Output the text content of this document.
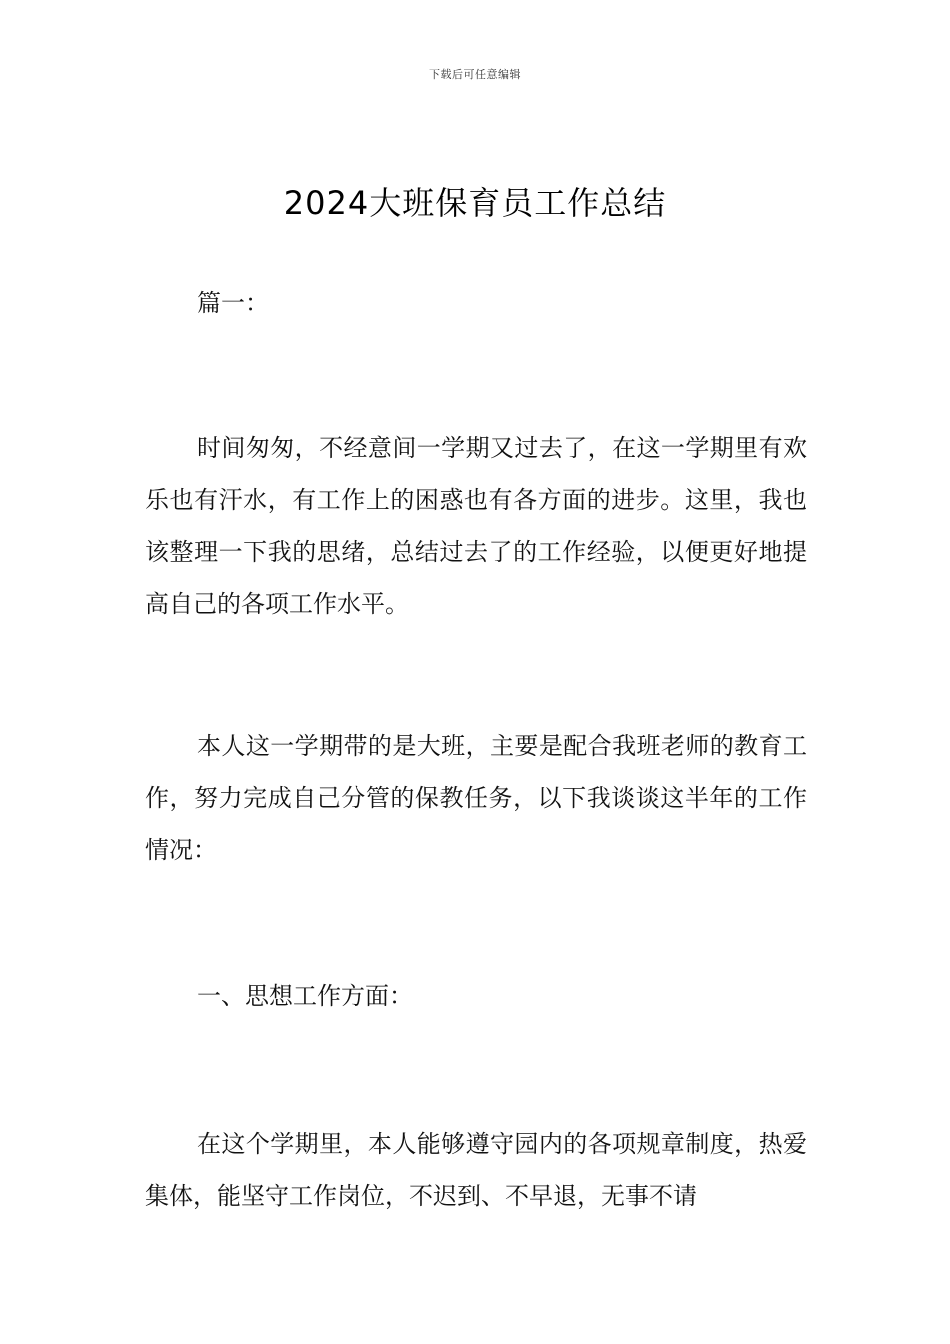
下载后可任意编辑
2024大班保育员工作总结

篇一：

时间匆匆，不经意间一学期又过去了，在这一学期里有欢乐也有汗水，有工作上的困惑也有各方面的进步。这里，我也该整理一下我的思绪，总结过去了的工作经验，以便更好地提高自己的各项工作水平。

本人这一学期带的是大班，主要是配合我班老师的教育工作，努力完成自己分管的保教任务，以下我谈谈这半年的工作情况：

一、思想工作方面：

在这个学期里，本人能够遵守园内的各项规章制度，热爱集体，能坚守工作岗位，不迟到、不早退，无事不请
